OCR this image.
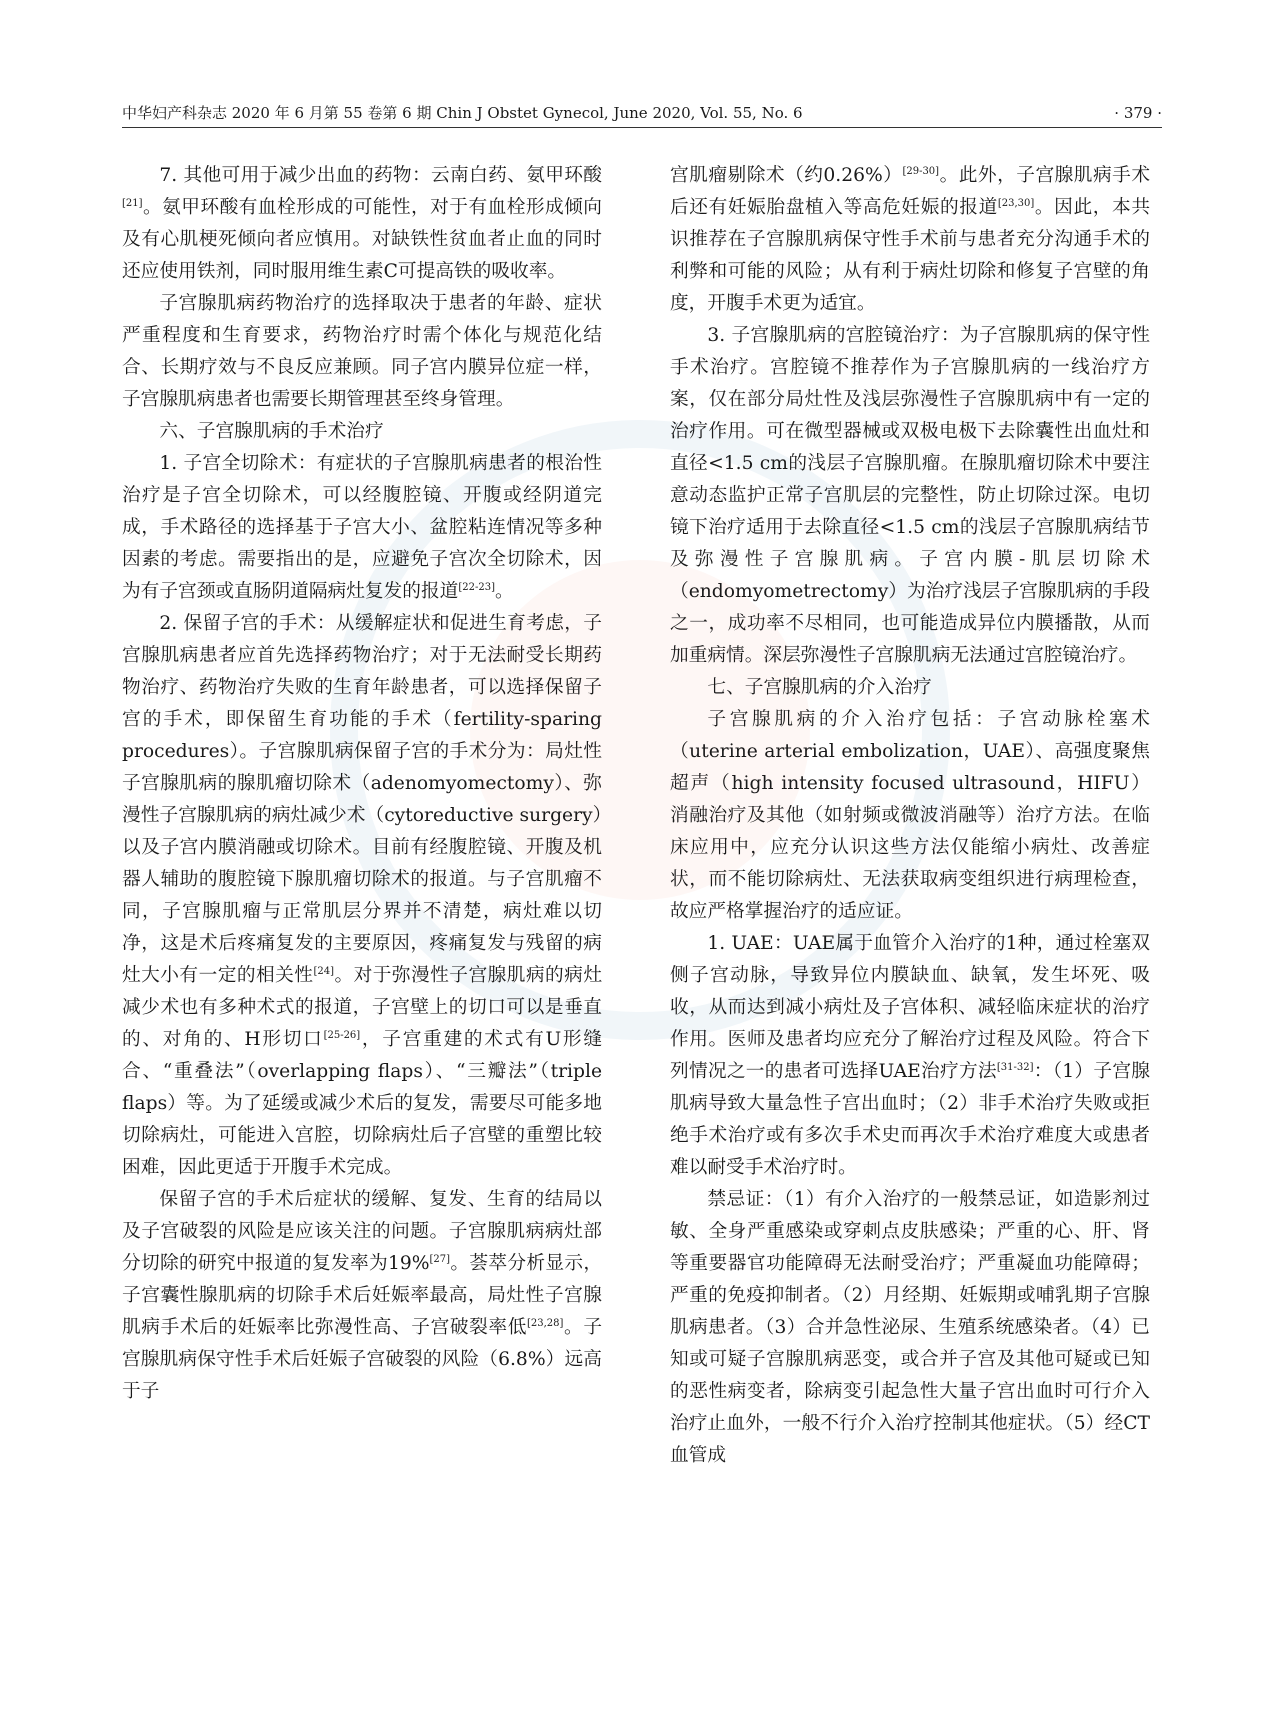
中华妇产科杂志 2020 年 6 月第 55 卷第 6 期 Chin J Obstet Gynecol, June 2020, Vol. 55, No. 6	· 379 ·

7. 其他可用于减少出血的药物：云南白药、氨甲环酸[21]。氨甲环酸有血栓形成的可能性，对于有血栓形成倾向及有心肌梗死倾向者应慎用。对缺铁性贫血者止血的同时还应使用铁剂，同时服用维生素C可提高铁的吸收率。

子宫腺肌病药物治疗的选择取决于患者的年龄、症状严重程度和生育要求，药物治疗时需个体化与规范化结合、长期疗效与不良反应兼顾。同子宫内膜异位症一样，子宫腺肌病患者也需要长期管理甚至终身管理。

六、子宫腺肌病的手术治疗

1. 子宫全切除术：有症状的子宫腺肌病患者的根治性治疗是子宫全切除术，可以经腹腔镜、开腹或经阴道完成，手术路径的选择基于子宫大小、盆腔粘连情况等多种因素的考虑。需要指出的是，应避免子宫次全切除术，因为有子宫颈或直肠阴道隔病灶复发的报道[22-23]。

2. 保留子宫的手术：从缓解症状和促进生育考虑，子宫腺肌病患者应首先选择药物治疗；对于无法耐受长期药物治疗、药物治疗失败的生育年龄患者，可以选择保留子宫的手术，即保留生育功能的手术（fertility-sparing procedures）。子宫腺肌病保留子宫的手术分为：局灶性子宫腺肌病的腺肌瘤切除术（adenomyomectomy）、弥漫性子宫腺肌病的病灶减少术（cytoreductive surgery）以及子宫内膜消融或切除术。目前有经腹腔镜、开腹及机器人辅助的腹腔镜下腺肌瘤切除术的报道。与子宫肌瘤不同，子宫腺肌瘤与正常肌层分界并不清楚，病灶难以切净，这是术后疼痛复发的主要原因，疼痛复发与残留的病灶大小有一定的相关性[24]。对于弥漫性子宫腺肌病的病灶减少术也有多种术式的报道，子宫壁上的切口可以是垂直的、对角的、H形切口[25-26]，子宫重建的术式有U形缝合、“重叠法”（overlapping flaps）、“三瓣法”（triple flaps）等。为了延缓或减少术后的复发，需要尽可能多地切除病灶，可能进入宫腔，切除病灶后子宫壁的重塑比较困难，因此更适于开腹手术完成。

保留子宫的手术后症状的缓解、复发、生育的结局以及子宫破裂的风险是应该关注的问题。子宫腺肌病病灶部分切除的研究中报道的复发率为19%[27]。荟萃分析显示，子宫囊性腺肌病的切除手术后妊娠率最高，局灶性子宫腺肌病手术后的妊娠率比弥漫性高、子宫破裂率低[23,28]。子宫腺肌病保守性手术后妊娠子宫破裂的风险（6.8%）远高于子

宫肌瘤剔除术（约0.26%）[29-30]。此外，子宫腺肌病手术后还有妊娠胎盘植入等高危妊娠的报道[23,30]。因此，本共识推荐在子宫腺肌病保守性手术前与患者充分沟通手术的利弊和可能的风险；从有利于病灶切除和修复子宫壁的角度，开腹手术更为适宜。

3. 子宫腺肌病的宫腔镜治疗：为子宫腺肌病的保守性手术治疗。宫腔镜不推荐作为子宫腺肌病的一线治疗方案，仅在部分局灶性及浅层弥漫性子宫腺肌病中有一定的治疗作用。可在微型器械或双极电极下去除囊性出血灶和直径<1.5 cm的浅层子宫腺肌瘤。在腺肌瘤切除术中要注意动态监护正常子宫肌层的完整性，防止切除过深。电切镜下治疗适用于去除直径<1.5 cm的浅层子宫腺肌病结节及弥漫性子宫腺肌病。子宫内膜-肌层切除术（endomyometrectomy）为治疗浅层子宫腺肌病的手段之一，成功率不尽相同，也可能造成异位内膜播散，从而加重病情。深层弥漫性子宫腺肌病无法通过宫腔镜治疗。

七、子宫腺肌病的介入治疗

子宫腺肌病的介入治疗包括：子宫动脉栓塞术（uterine arterial embolization，UAE）、高强度聚焦超声（high intensity focused ultrasound，HIFU）消融治疗及其他（如射频或微波消融等）治疗方法。在临床应用中，应充分认识这些方法仅能缩小病灶、改善症状，而不能切除病灶、无法获取病变组织进行病理检查，故应严格掌握治疗的适应证。

1. UAE：UAE属于血管介入治疗的1种，通过栓塞双侧子宫动脉，导致异位内膜缺血、缺氧，发生坏死、吸收，从而达到减小病灶及子宫体积、减轻临床症状的治疗作用。医师及患者均应充分了解治疗过程及风险。符合下列情况之一的患者可选择UAE治疗方法[31-32]：（1）子宫腺肌病导致大量急性子宫出血时；（2）非手术治疗失败或拒绝手术治疗或有多次手术史而再次手术治疗难度大或患者难以耐受手术治疗时。

禁忌证：（1）有介入治疗的一般禁忌证，如造影剂过敏、全身严重感染或穿刺点皮肤感染；严重的心、肝、肾等重要器官功能障碍无法耐受治疗；严重凝血功能障碍；严重的免疫抑制者。（2）月经期、妊娠期或哺乳期子宫腺肌病患者。（3）合并急性泌尿、生殖系统感染者。（4）已知或可疑子宫腺肌病恶变，或合并子宫及其他可疑或已知的恶性病变者，除病变引起急性大量子宫出血时可行介入治疗止血外，一般不行介入治疗控制其他症状。（5）经CT血管成
